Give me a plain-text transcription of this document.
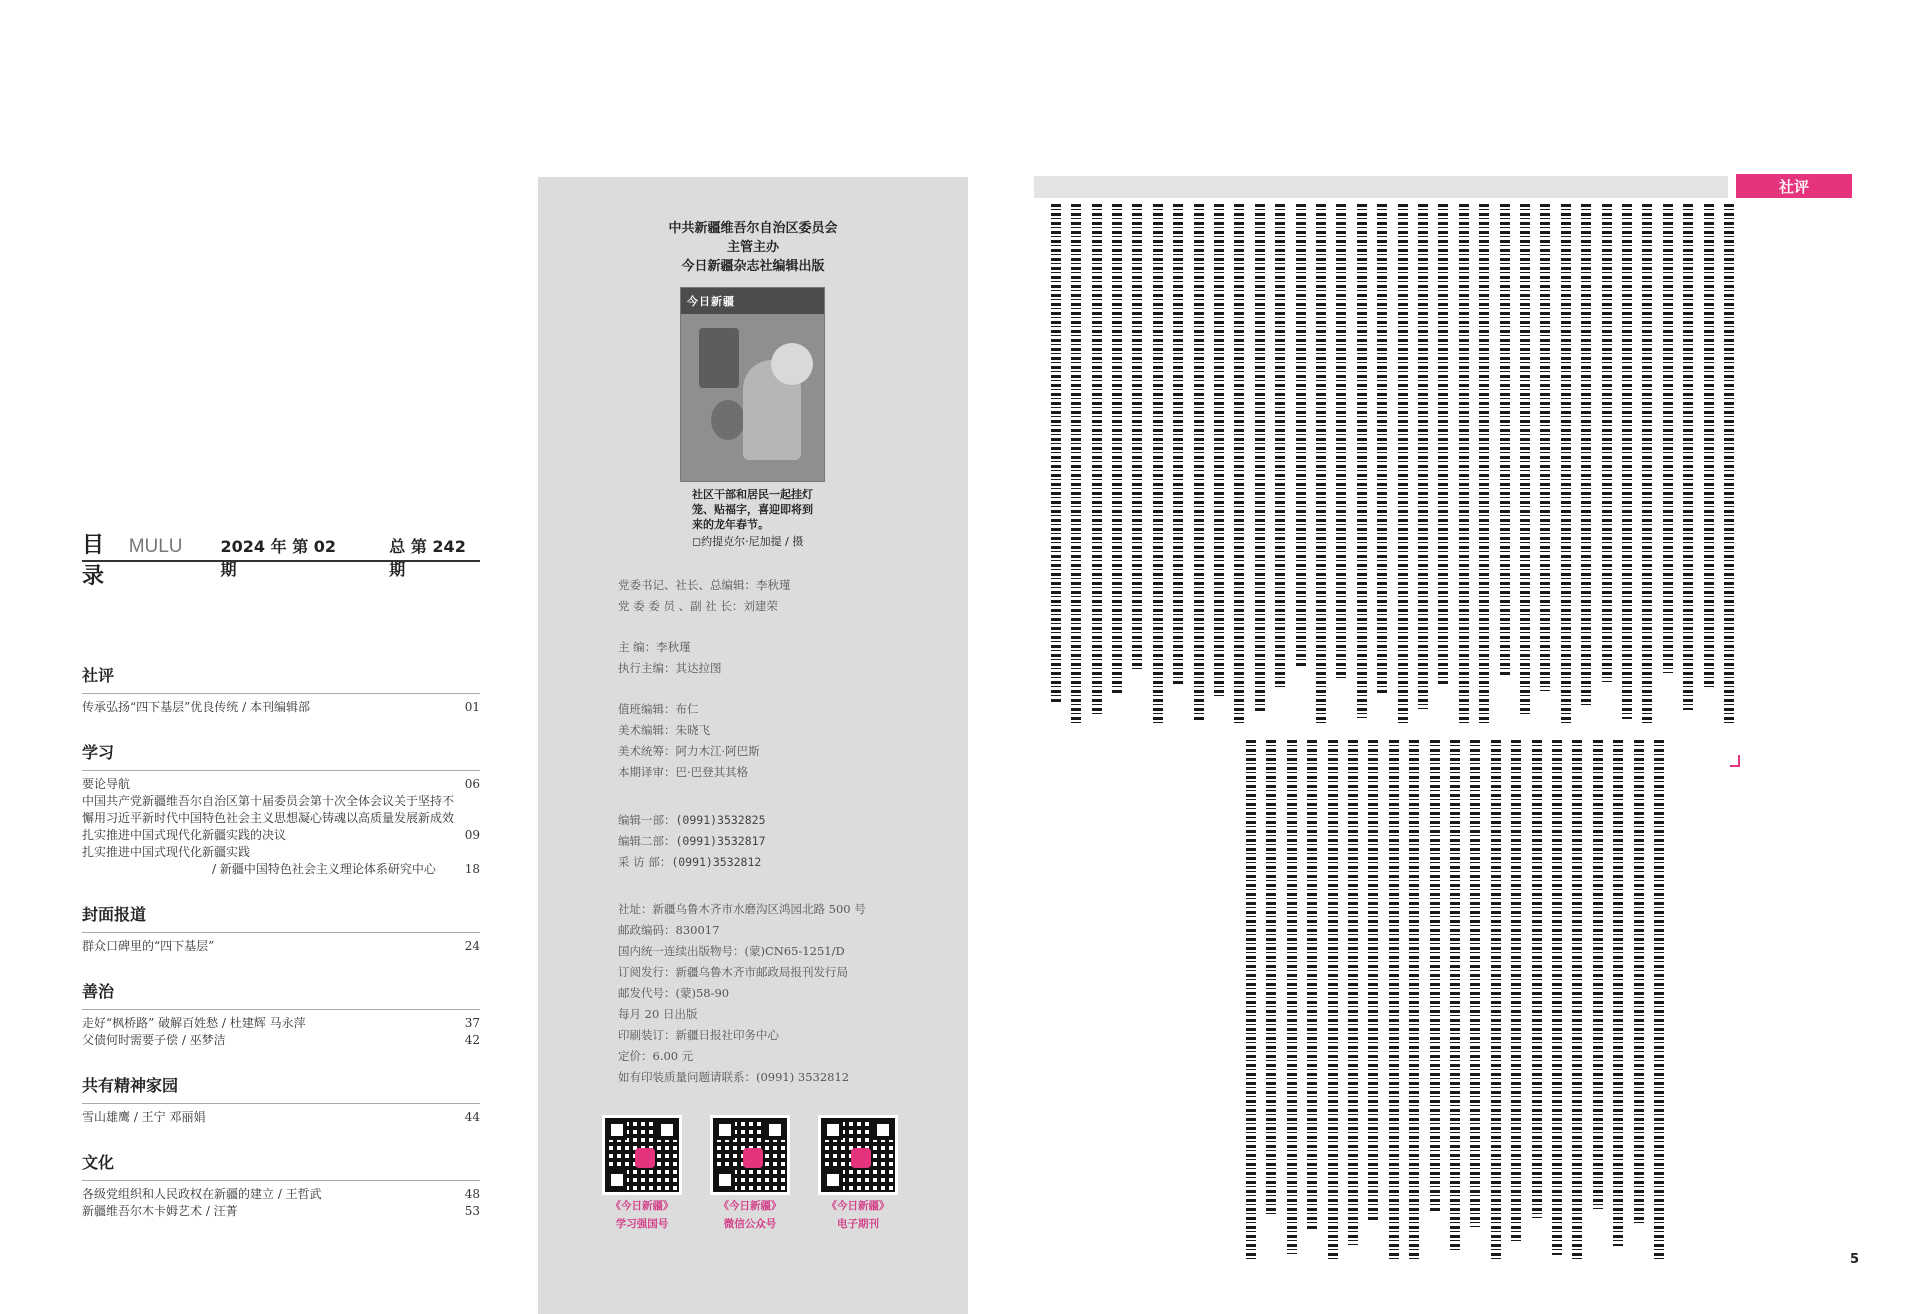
目录
MULU 2024 年 第 02 期
总 第 242 期
社评
传承弘扬“四下基层”优良传统 / 本刊编辑部	01
学习
要论导航	06
中国共产党新疆维吾尔自治区第十届委员会第十次全体会议关于坚持不
懈用习近平新时代中国特色社会主义思想凝心铸魂以高质量发展新成效
扎实推进中国式现代化新疆实践的决议	09
扎实推进中国式现代化新疆实践
/ 新疆中国特色社会主义理论体系研究中心	18
封面报道
群众口碑里的“四下基层”	24
善治
走好“枫桥路” 破解百姓愁 / 杜建辉 马永萍	37
父债何时需要子偿 / 巫梦洁	42
共有精神家园
雪山雄鹰 / 王宁 邓丽娟	44
文化
各级党组织和人民政权在新疆的建立 / 王哲武	48
新疆维吾尔木卡姆艺术 / 汪菁	53
中共新疆维吾尔自治区委员会
主管主办
今日新疆杂志社编辑出版
今日新疆
社区干部和居民一起挂灯笼、贴福字，喜迎即将到来的龙年春节。
◻约提克尔·尼加提 / 摄
党委书记、社长、总编辑：李秋瑾
党 委 委 员 、副 社 长：刘建荣
主 编：李秋瑾
执行主编：其达拉图
值班编辑：布仁
美术编辑：朱晓飞
美术统筹：阿力木江·阿巴斯
本期译审：巴·巴登其其格
编辑一部：(0991)3532825
编辑二部：(0991)3532817
采 访 部：(0991)3532812
社址：新疆乌鲁木齐市水磨沟区鸿园北路 500 号
邮政编码：830017
国内统一连续出版物号：(蒙)CN65-1251/D
订阅发行：新疆乌鲁木齐市邮政局报刊发行局
邮发代号：(蒙)58-90
每月 20 日出版
印刷装订：新疆日报社印务中心
定价：6.00 元
如有印装质量问题请联系：(0991) 3532812
《今日新疆》
学习强国号
《今日新疆》
微信公众号
《今日新疆》
电子期刊
社评
5
